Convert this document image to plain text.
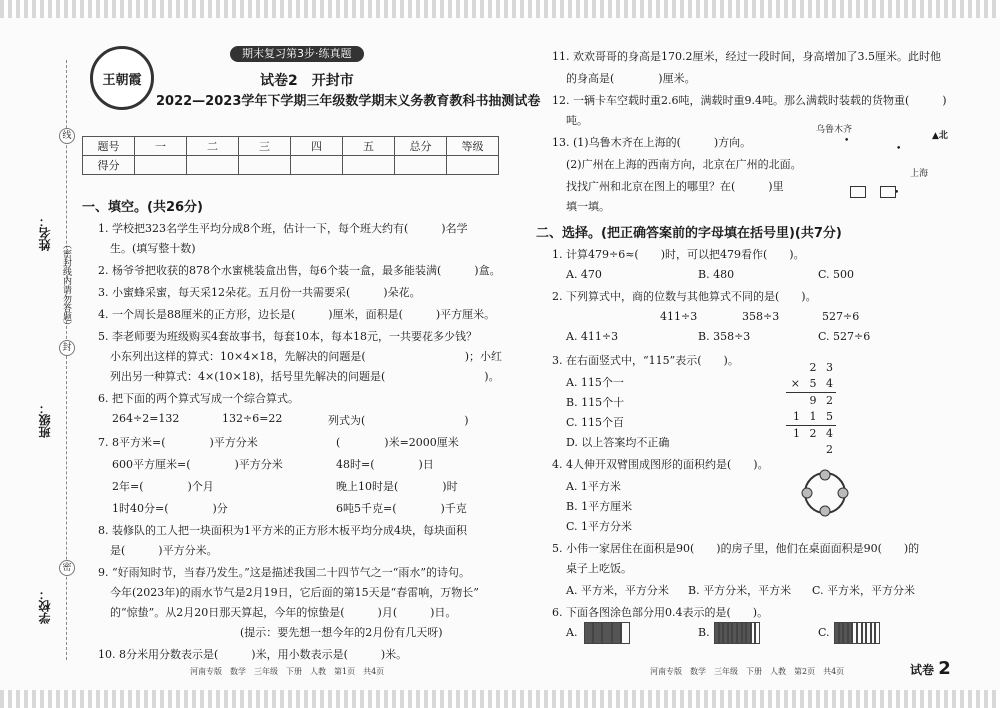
姓名：
班级：
学校：
线
封
密
（密封线内请勿答题）
王朝霞
期末复习第3步·练真题
试卷2　开封市
2022—2023学年下学期三年级数学期末义务教育教科书抽测试卷
题号	一	二	三	四	五	总分	等级
得分							
一、填空。(共26分)
1. 学校把323名学生平均分成8个班，估计一下，每个班大约有(　　　)名学
生。(填写整十数)
2. 杨爷爷把收获的878个水蜜桃装盒出售，每6个装一盒，最多能装满(　　　)盒。
3. 小蜜蜂采蜜，每天采12朵花。五月份一共需要采(　　　)朵花。
4. 一个周长是88厘米的正方形，边长是(　　　)厘米，面积是(　　　)平方厘米。
5. 李老师要为班级购买4套故事书，每套10本，每本18元，一共要花多少钱？
小东列出这样的算式：10×4×18，先解决的问题是(　　　　　　　　　)；小红
列出另一种算式：4×(10×18)，括号里先解决的问题是(　　　　　　　　　)。
6. 把下面的两个算式写成一个综合算式。
264÷2=132	132÷6=22	列式为(　　　　　　　　　)
7. 8平方米=(　　　　)平方分米	(　　　　)米=2000厘米
600平方厘米=(　　　　)平方分米	48时=(　　　　)日
2年=(　　　　)个月	晚上10时是(　　　　)时
1时40分=(　　　　)分	6吨5千克=(　　　　)千克
8. 装修队的工人把一块面积为1平方米的正方形木板平均分成4块，每块面积
是(　　　)平方分米。
9. “好雨知时节，当春乃发生。”这是描述我国二十四节气之一“雨水”的诗句。
今年(2023年)的雨水节气是2月19日，它后面的第15天是“春雷响，万物长”
的“惊蛰”。从2月20日那天算起，今年的惊蛰是(　　　)月(　　　)日。
(提示：要先想一想今年的2月份有几天呀)
10. 8分米用分数表示是(　　　)米，用小数表示是(　　　)米。
河南专版　数学　三年级　下册　人教　第1页　共4页
11. 欢欢哥哥的身高是170.2厘米，经过一段时间，身高增加了3.5厘米。此时他
的身高是(　　　　)厘米。
12. 一辆卡车空载时重2.6吨，满载时重9.4吨。那么满载时装载的货物重(　　　)
吨。
13. (1)乌鲁木齐在上海的(　　　)方向。
(2)广州在上海的西南方向，北京在广州的北面。
找找广州和北京在图上的哪里？在(　　　)里
填一填。
乌鲁木齐
▲北
•
•
上海
•
二、选择。(把正确答案前的字母填在括号里)(共7分)
1. 计算479÷6≈(　　)时，可以把479看作(　　)。
A. 470	B. 480	C. 500
2. 下列算式中，商的位数与其他算式不同的是(　　)。
411÷3	358÷3	527÷6
A. 411÷3	B. 358÷3	C. 527÷6
3. 在右面竖式中，“115”表示(　　)。
A. 115个一
B. 115个十
C. 115个百
D. 以上答案均不正确
2 3
× 5 4
9 2
1 1 5
1 2 4 2
4. 4人伸开双臂围成图形的面积约是(　　)。
A. 1平方米
B. 1平方厘米
C. 1平方分米
5. 小伟一家居住在面积是90(　　)的房子里，他们在桌面面积是90(　　)的
桌子上吃饭。
A. 平方米，平方分米 B. 平方分米，平方米 C. 平方米，平方分米
6. 下面各图涂色部分用0.4表示的是(　　)。
A.	B.	C.
河南专版　数学　三年级　下册　人教　第2页　共4页	试卷 2
